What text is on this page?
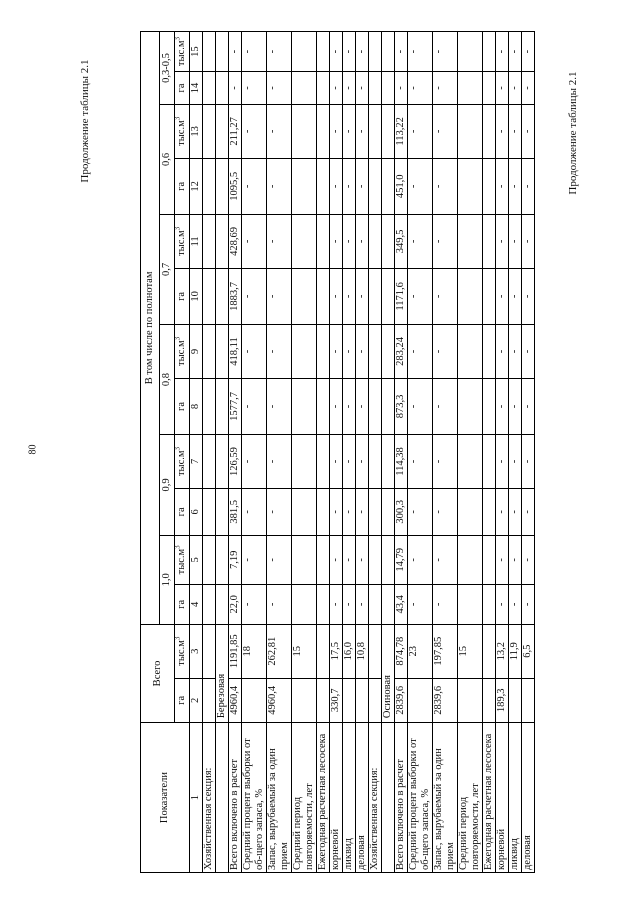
80
Продолжение таблицы 2.1	Продолжение таблицы 2.1
Показатели	Всего		В том числе по полнотам											
			1,0		0,9		0,8		0,7		0,6		0,3-0,5	
	га	$тыс.м^3$	га	$тыс.м^3$	га	$тыс.м^3$	га	$тыс.м^3$	га	$тыс.м^3$	га	$тыс.м^3$	га	$тыс.м^3$
1	2	3	4	5	6	7	8	9	10	11	12	13	14	15
Хозяйственная секция:														
	Березовая													
Всего включено в расчет	4960,4	1191,85	22,0	7,19	381,5	126,59	1577,7	418,11	1883,7	428,69	1095,5	211,27	-	-
Средний процент выборки от об-щего запаса, %		18	-	-	-	-	-	-	-	-	-	-	-	-
Запас, вырубаемый за один прием	4960,4	262,81	-	-	-	-	-	-	-	-	-	-	-	-
Средний период повторяемости, лет		15												
Ежегодная расчетная лесосека														
корневой	330,7	17,5	-	-	-	-	-	-	-	-	-	-	-	-
ликвид		16,0	-	-	-	-	-	-	-	-	-	-	-	-
деловая		10,8	-	-	-	-	-	-	-	-	-	-	-	-
Хозяйственная секция:														
	Осиновая													
Всего включено в расчет	2839,6	874,78	43,4	14,79	300,3	114,38	873,3	283,24	1171,6	349,5	451,0	113,22	-	-
Средний процент выборки от об-щего запаса, %		23	-	-	-	-	-	-	-	-	-	-	-	-
Запас, вырубаемый за один прием	2839,6	197,85	-	-	-	-	-	-	-	-	-	-	-	-
Средний период повторяемости, лет		15												
Ежегодная расчетная лесосека														
корневой	189,3	13,2	-	-	-	-	-	-	-	-	-	-	-	-
ликвид		11,9	-	-	-	-	-	-	-	-	-	-	-	-
деловая		6,5	-	-	-	-	-	-	-	-	-	-	-	-
